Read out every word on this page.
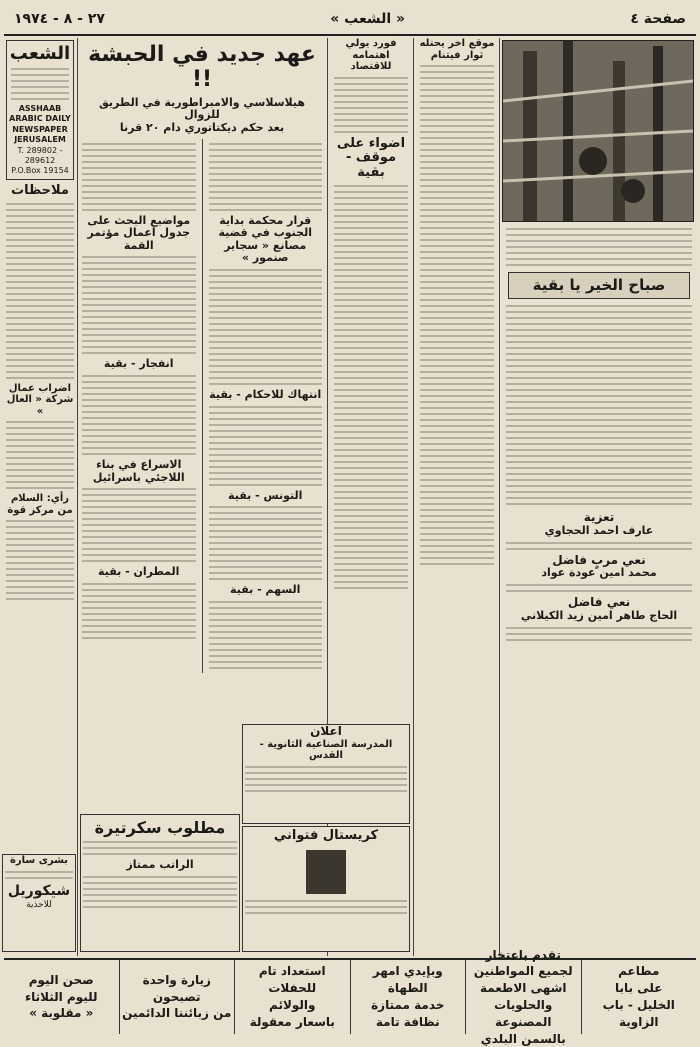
صفحة ٤
« الشعب »
٢٧ - ٨ - ١٩٧٤
صباح الخير يا بقية
تعزية
عارف احمد الحجاوي
نعي مربٍ فاضل
محمد امين عودة عواد
نعي فاضل
الحاج طاهر امين زيد الكيلاني
موقع آخر يحتله ثوار فيتنام
فورد يولي اهتمامه للاقتصاد
اضواء على موقف - بقية
عهد جديد في الحبشة !!
هيلاسلاسي والامبراطورية في الطريق للزوال
بعد حكم ديكتاتوري دام ٢٠ قرنا
قرار محكمة بداية الجنوب في قضية مصانع « سجاير صنمور »
انتهاك للاحكام - بقية
التونس - بقية
السهم - بقية
مواضيع البحث على جدول اعمال مؤتمر القمة
انفجار - بقية
الاسراع في بناء اللاجئي باسرائيل
المطران - بقية
اعلان
المدرسة الصناعية الثانوية - القدس
كريستال فتواني
مطلوب سكرتيرة
الراتب ممتاز
الشعب
ASSHAAB
ARABIC DAILY
NEWSPAPER
JERUSALEM
T. 289802 - 289612
P.O.Box 19154
ملاحظات
اضراب عمال شركة « العال »
رأي: السلام من مركز قوة
بشرى سارة
شيكوريل
للاحذية
مطاعم
على بابا
الخليل - باب الزاوية
تقدم باعتخار لجميع المواطنين
اشهى الاطعمة والحلويات المصنوعة
بالسمن البلدي
وبإيدي امهر الطهاة
خدمة ممتازة
نظافة تامة
استعداد تام للحفلات
والولائم
باسعار معقولة
زيارة واحدة تصبحون
من زبائننا الدائمين
صحن اليوم
لليوم الثلاثاء
« مقلوبة »
